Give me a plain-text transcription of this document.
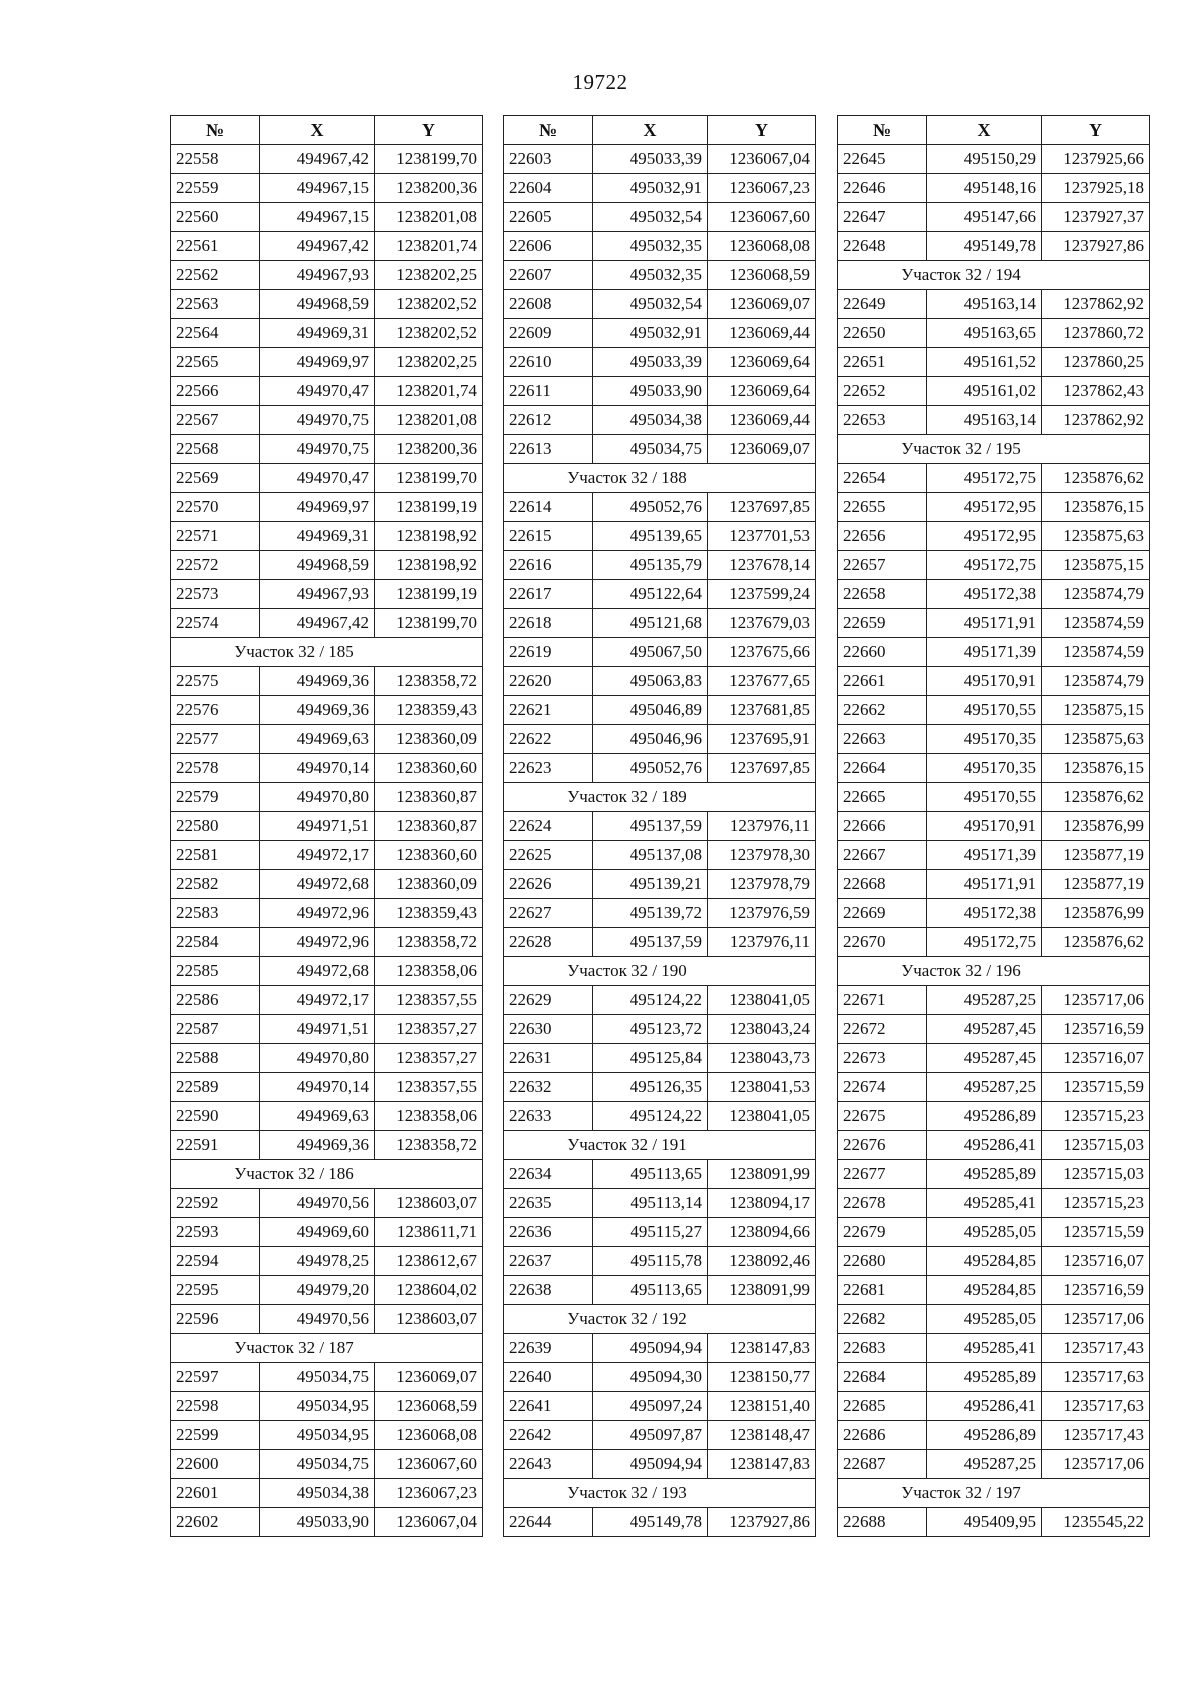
19722
№	X	Y
22558	494967,42	1238199,70
22559	494967,15	1238200,36
22560	494967,15	1238201,08
22561	494967,42	1238201,74
22562	494967,93	1238202,25
22563	494968,59	1238202,52
22564	494969,31	1238202,52
22565	494969,97	1238202,25
22566	494970,47	1238201,74
22567	494970,75	1238201,08
22568	494970,75	1238200,36
22569	494970,47	1238199,70
22570	494969,97	1238199,19
22571	494969,31	1238198,92
22572	494968,59	1238198,92
22573	494967,93	1238199,19
22574	494967,42	1238199,70
Участок 32 / 185		
22575	494969,36	1238358,72
22576	494969,36	1238359,43
22577	494969,63	1238360,09
22578	494970,14	1238360,60
22579	494970,80	1238360,87
22580	494971,51	1238360,87
22581	494972,17	1238360,60
22582	494972,68	1238360,09
22583	494972,96	1238359,43
22584	494972,96	1238358,72
22585	494972,68	1238358,06
22586	494972,17	1238357,55
22587	494971,51	1238357,27
22588	494970,80	1238357,27
22589	494970,14	1238357,55
22590	494969,63	1238358,06
22591	494969,36	1238358,72
Участок 32 / 186		
22592	494970,56	1238603,07
22593	494969,60	1238611,71
22594	494978,25	1238612,67
22595	494979,20	1238604,02
22596	494970,56	1238603,07
Участок 32 / 187		
22597	495034,75	1236069,07
22598	495034,95	1236068,59
22599	495034,95	1236068,08
22600	495034,75	1236067,60
22601	495034,38	1236067,23
22602	495033,90	1236067,04
№	X	Y
22603	495033,39	1236067,04
22604	495032,91	1236067,23
22605	495032,54	1236067,60
22606	495032,35	1236068,08
22607	495032,35	1236068,59
22608	495032,54	1236069,07
22609	495032,91	1236069,44
22610	495033,39	1236069,64
22611	495033,90	1236069,64
22612	495034,38	1236069,44
22613	495034,75	1236069,07
Участок 32 / 188		
22614	495052,76	1237697,85
22615	495139,65	1237701,53
22616	495135,79	1237678,14
22617	495122,64	1237599,24
22618	495121,68	1237679,03
22619	495067,50	1237675,66
22620	495063,83	1237677,65
22621	495046,89	1237681,85
22622	495046,96	1237695,91
22623	495052,76	1237697,85
Участок 32 / 189		
22624	495137,59	1237976,11
22625	495137,08	1237978,30
22626	495139,21	1237978,79
22627	495139,72	1237976,59
22628	495137,59	1237976,11
Участок 32 / 190		
22629	495124,22	1238041,05
22630	495123,72	1238043,24
22631	495125,84	1238043,73
22632	495126,35	1238041,53
22633	495124,22	1238041,05
Участок 32 / 191		
22634	495113,65	1238091,99
22635	495113,14	1238094,17
22636	495115,27	1238094,66
22637	495115,78	1238092,46
22638	495113,65	1238091,99
Участок 32 / 192		
22639	495094,94	1238147,83
22640	495094,30	1238150,77
22641	495097,24	1238151,40
22642	495097,87	1238148,47
22643	495094,94	1238147,83
Участок 32 / 193		
22644	495149,78	1237927,86
№	X	Y
22645	495150,29	1237925,66
22646	495148,16	1237925,18
22647	495147,66	1237927,37
22648	495149,78	1237927,86
Участок 32 / 194		
22649	495163,14	1237862,92
22650	495163,65	1237860,72
22651	495161,52	1237860,25
22652	495161,02	1237862,43
22653	495163,14	1237862,92
Участок 32 / 195		
22654	495172,75	1235876,62
22655	495172,95	1235876,15
22656	495172,95	1235875,63
22657	495172,75	1235875,15
22658	495172,38	1235874,79
22659	495171,91	1235874,59
22660	495171,39	1235874,59
22661	495170,91	1235874,79
22662	495170,55	1235875,15
22663	495170,35	1235875,63
22664	495170,35	1235876,15
22665	495170,55	1235876,62
22666	495170,91	1235876,99
22667	495171,39	1235877,19
22668	495171,91	1235877,19
22669	495172,38	1235876,99
22670	495172,75	1235876,62
Участок 32 / 196		
22671	495287,25	1235717,06
22672	495287,45	1235716,59
22673	495287,45	1235716,07
22674	495287,25	1235715,59
22675	495286,89	1235715,23
22676	495286,41	1235715,03
22677	495285,89	1235715,03
22678	495285,41	1235715,23
22679	495285,05	1235715,59
22680	495284,85	1235716,07
22681	495284,85	1235716,59
22682	495285,05	1235717,06
22683	495285,41	1235717,43
22684	495285,89	1235717,63
22685	495286,41	1235717,63
22686	495286,89	1235717,43
22687	495287,25	1235717,06
Участок 32 / 197		
22688	495409,95	1235545,22
